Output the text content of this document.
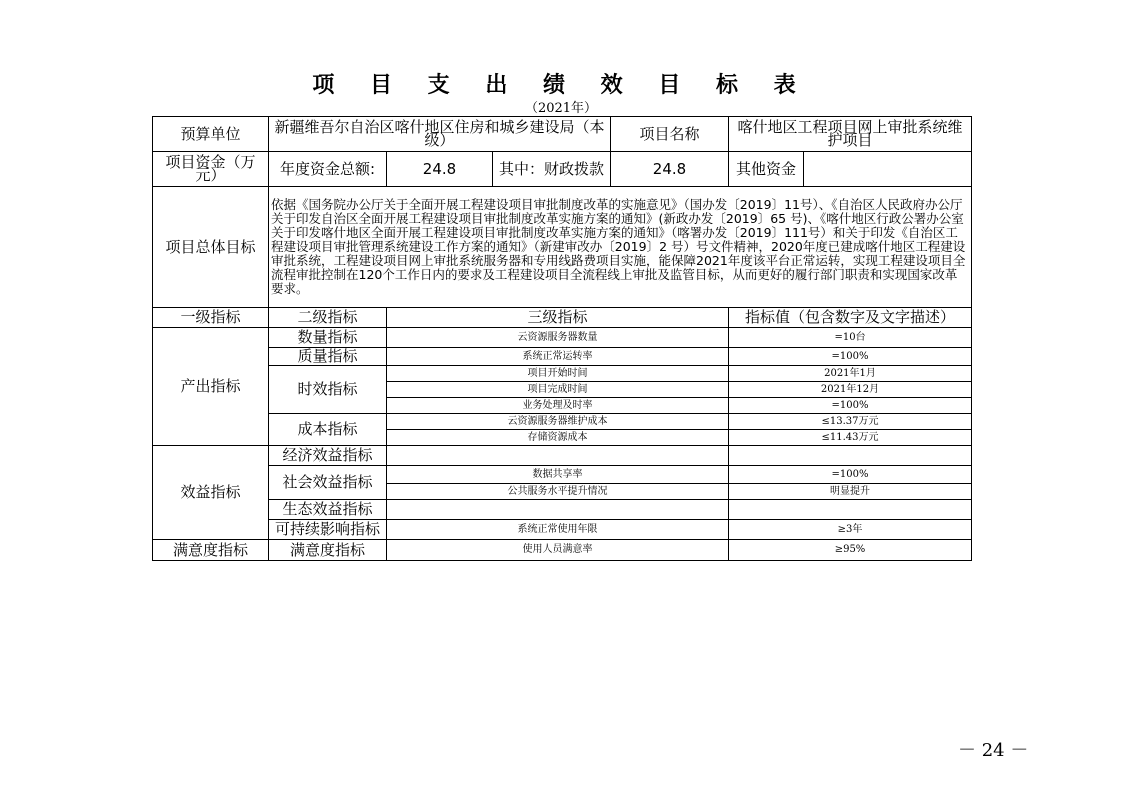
项 目 支 出 绩 效 目 标 表
（2021年）
预算单位	新疆维吾尔自治区喀什地区住房和城乡建设局（本级）			项目名称	喀什地区工程项目网上审批系统维护项目	
项目资金（万元）	年度资金总额:	24.8	其中：财政拨款	24.8	其他资金	
项目总体目标	依据《国务院办公厅关于全面开展工程建设项目审批制度改革的实施意见》（国办发〔2019〕11号）、《自治区人民政府办公厅关于印发自治区全面开展工程建设项目审批制度改革实施方案的通知》(新政办发〔2019〕65 号)、《喀什地区行政公署办公室关于印发喀什地区全面开展工程建设项目审批制度改革实施方案的通知》（喀署办发〔2019〕111号）和关于印发《自治区工程建设项目审批管理系统建设工作方案的通知》（新建审改办〔2019〕2 号）号文件精神，2020年度已建成喀什地区工程建设审批系统，工程建设项目网上审批系统服务器和专用线路费项目实施，能保障2021年度该平台正常运转，实现工程建设项目全流程审批控制在120个工作日内的要求及工程建设项目全流程线上审批及监管目标，从而更好的履行部门职责和实现国家改革要求。					
一级指标	二级指标	三级指标			指标值（包含数字及文字描述）	
产出指标	数量指标	云资源服务器数量			=10台	
	质量指标	系统正常运转率			=100%	
	时效指标	项目开始时间			2021年1月	
		项目完成时间			2021年12月	
		业务处理及时率			=100%	
	成本指标	云资源服务器维护成本			≤13.37万元	
		存储资源成本			≤11.43万元	
效益指标	经济效益指标					
	社会效益指标	数据共享率			=100%	
		公共服务水平提升情况			明显提升	
	生态效益指标					
	可持续影响指标	系统正常使用年限			≥3年	
满意度指标	满意度指标	使用人员满意率			≥95%	
－ 24 －
